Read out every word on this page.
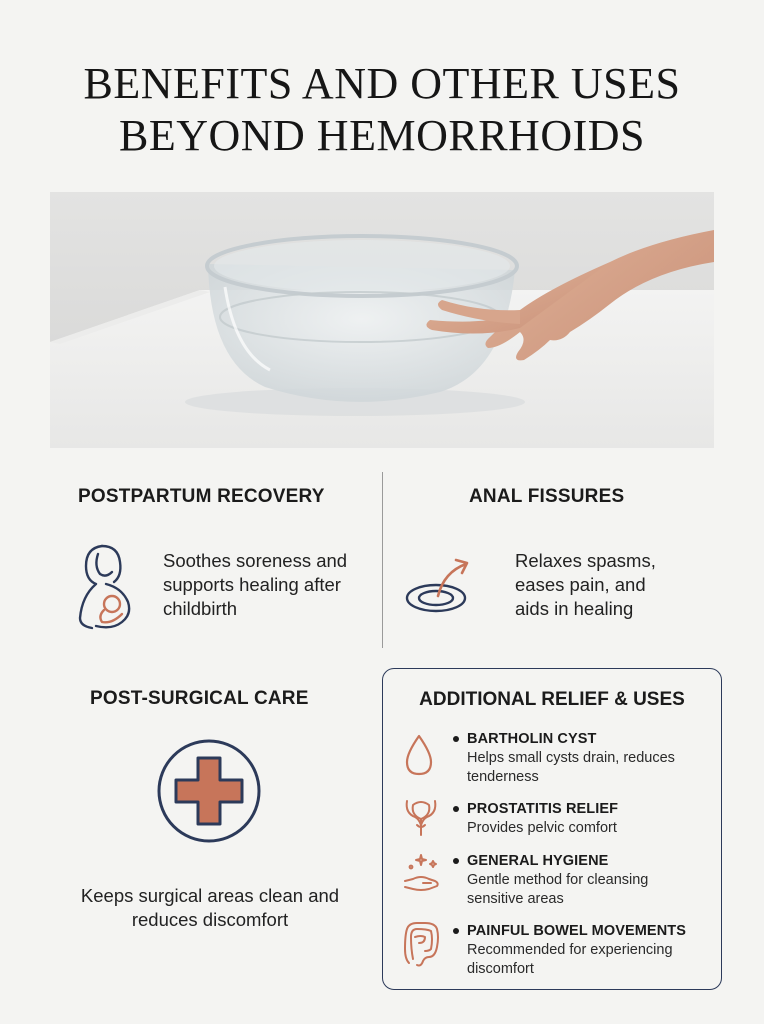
BENEFITS AND OTHER USES
BEYOND HEMORRHOIDS
POSTPARTUM RECOVERY
Soothes soreness and supports healing after childbirth
ANAL FISSURES
Relaxes spasms, eases pain, and aids in healing
POST-SURGICAL CARE
Keeps surgical areas clean and reduces discomfort
ADDITIONAL RELIEF & USES
BARTHOLIN CYST
Helps small cysts drain, reduces tenderness
PROSTATITIS RELIEF
Provides pelvic comfort
GENERAL HYGIENE
Gentle method for cleansing sensitive areas
PAINFUL BOWEL MOVEMENTS
Recommended for experiencing discomfort
